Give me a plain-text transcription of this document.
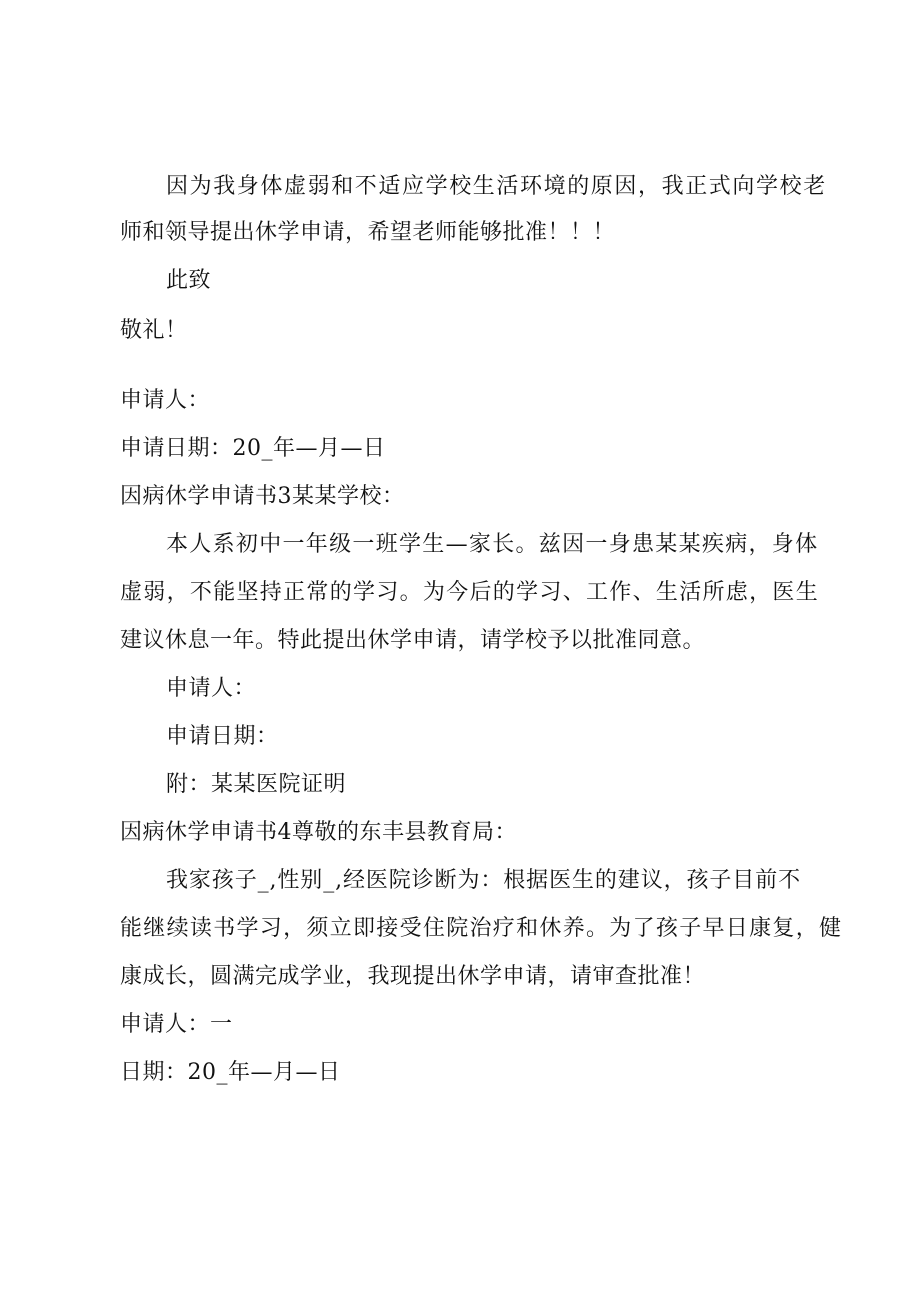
因为我身体虚弱和不适应学校生活环境的原因，我正式向学校老
师和领导提出休学申请，希望老师能够批准！！！
此致
敬礼！
申请人：
申请日期：20_年—月—日
因病休学申请书3某某学校：
本人系初中一年级一班学生—家长。兹因一身患某某疾病，身体
虚弱，不能坚持正常的学习。为今后的学习、工作、生活所虑，医生
建议休息一年。特此提出休学申请，请学校予以批准同意。
申请人：
申请日期：
附：某某医院证明
因病休学申请书4尊敬的东丰县教育局：
我家孩子_,性别_,经医院诊断为：根据医生的建议，孩子目前不
能继续读书学习，须立即接受住院治疗和休养。为了孩子早日康复，健
康成长，圆满完成学业，我现提出休学申请，请审查批准！
申请人：一
日期：20_年—月—日
